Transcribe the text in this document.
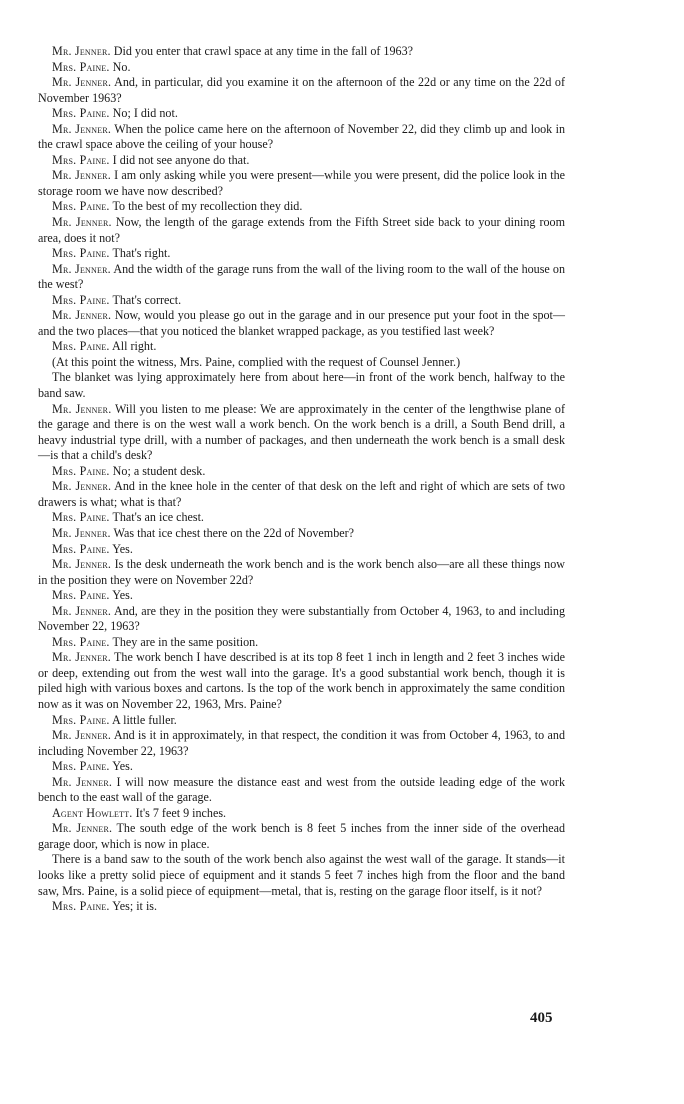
Mr. Jenner. Did you enter that crawl space at any time in the fall of 1963?

Mrs. Paine. No.

Mr. Jenner. And, in particular, did you examine it on the afternoon of the 22d or any time on the 22d of November 1963?

Mrs. Paine. No; I did not.

Mr. Jenner. When the police came here on the afternoon of November 22, did they climb up and look in the crawl space above the ceiling of your house?

Mrs. Paine. I did not see anyone do that.

Mr. Jenner. I am only asking while you were present—while you were present, did the police look in the storage room we have now described?

Mrs. Paine. To the best of my recollection they did.

Mr. Jenner. Now, the length of the garage extends from the Fifth Street side back to your dining room area, does it not?

Mrs. Paine. That's right.

Mr. Jenner. And the width of the garage runs from the wall of the living room to the wall of the house on the west?

Mrs. Paine. That's correct.

Mr. Jenner. Now, would you please go out in the garage and in our presence put your foot in the spot—and the two places—that you noticed the blanket wrapped package, as you testified last week?

Mrs. Paine. All right.

(At this point the witness, Mrs. Paine, complied with the request of Counsel Jenner.)

The blanket was lying approximately here from about here—in front of the work bench, halfway to the band saw.

Mr. Jenner. Will you listen to me please: We are approximately in the center of the lengthwise plane of the garage and there is on the west wall a work bench. On the work bench is a drill, a South Bend drill, a heavy industrial type drill, with a number of packages, and then underneath the work bench is a small desk—is that a child's desk?

Mrs. Paine. No; a student desk.

Mr. Jenner. And in the knee hole in the center of that desk on the left and right of which are sets of two drawers is what; what is that?

Mrs. Paine. That's an ice chest.

Mr. Jenner. Was that ice chest there on the 22d of November?

Mrs. Paine. Yes.

Mr. Jenner. Is the desk underneath the work bench and is the work bench also—are all these things now in the position they were on November 22d?

Mrs. Paine. Yes.

Mr. Jenner. And, are they in the position they were substantially from October 4, 1963, to and including November 22, 1963?

Mrs. Paine. They are in the same position.

Mr. Jenner. The work bench I have described is at its top 8 feet 1 inch in length and 2 feet 3 inches wide or deep, extending out from the west wall into the garage. It's a good substantial work bench, though it is piled high with various boxes and cartons. Is the top of the work bench in approximately the same condition now as it was on November 22, 1963, Mrs. Paine?

Mrs. Paine. A little fuller.

Mr. Jenner. And is it in approximately, in that respect, the condition it was from October 4, 1963, to and including November 22, 1963?

Mrs. Paine. Yes.

Mr. Jenner. I will now measure the distance east and west from the outside leading edge of the work bench to the east wall of the garage.

Agent Howlett. It's 7 feet 9 inches.

Mr. Jenner. The south edge of the work bench is 8 feet 5 inches from the inner side of the overhead garage door, which is now in place.

There is a band saw to the south of the work bench also against the west wall of the garage. It stands—it looks like a pretty solid piece of equipment and it stands 5 feet 7 inches high from the floor and the band saw, Mrs. Paine, is a solid piece of equipment—metal, that is, resting on the garage floor itself, is it not?

Mrs. Paine. Yes; it is.

405
